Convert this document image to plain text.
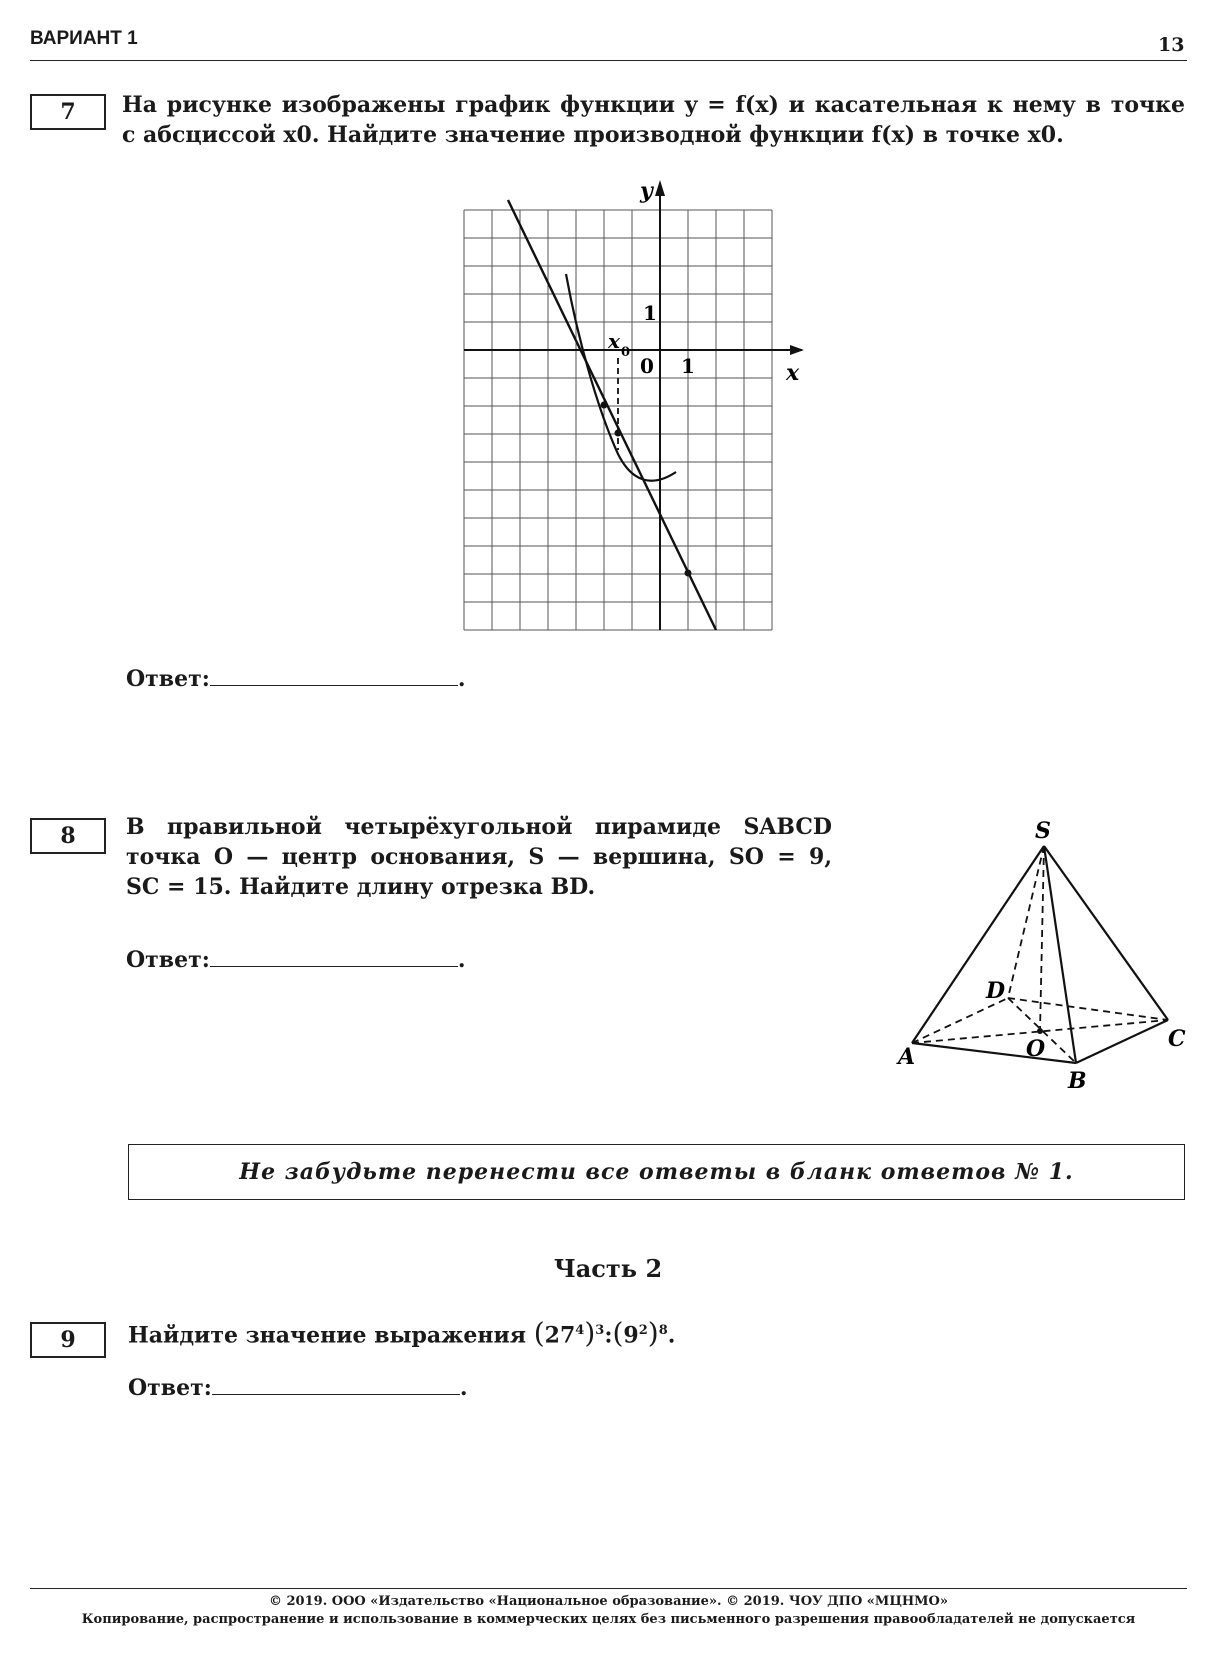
ВАРИАНТ 1	13
7	На рисунке изображены график функции y = f(x) и касательная к нему в точке
с абсциссой x0. Найдите значение производной функции f(x) в точке x0.
y
x
0 1
1
x 0
Ответ:	.
8	В правильной четырёхугольной пирамиде SABCD
точка O — центр основания, S — вершина, SO = 9,
SC = 15. Найдите длину отрезка BD.
Ответ:	.
S
A
B
C
D
O
Не забудьте перенести все ответы в бланк ответов № 1.
Часть 2
9	Найдите значение выражения $(27^4)^3:(9^2)^8$.
Ответ:	.
© 2019. ООО «Издательство «Национальное образование». © 2019. ЧОУ ДПО «МЦНМО»
Копирование, распространение и использование в коммерческих целях без письменного разрешения правообладателей не допускается
